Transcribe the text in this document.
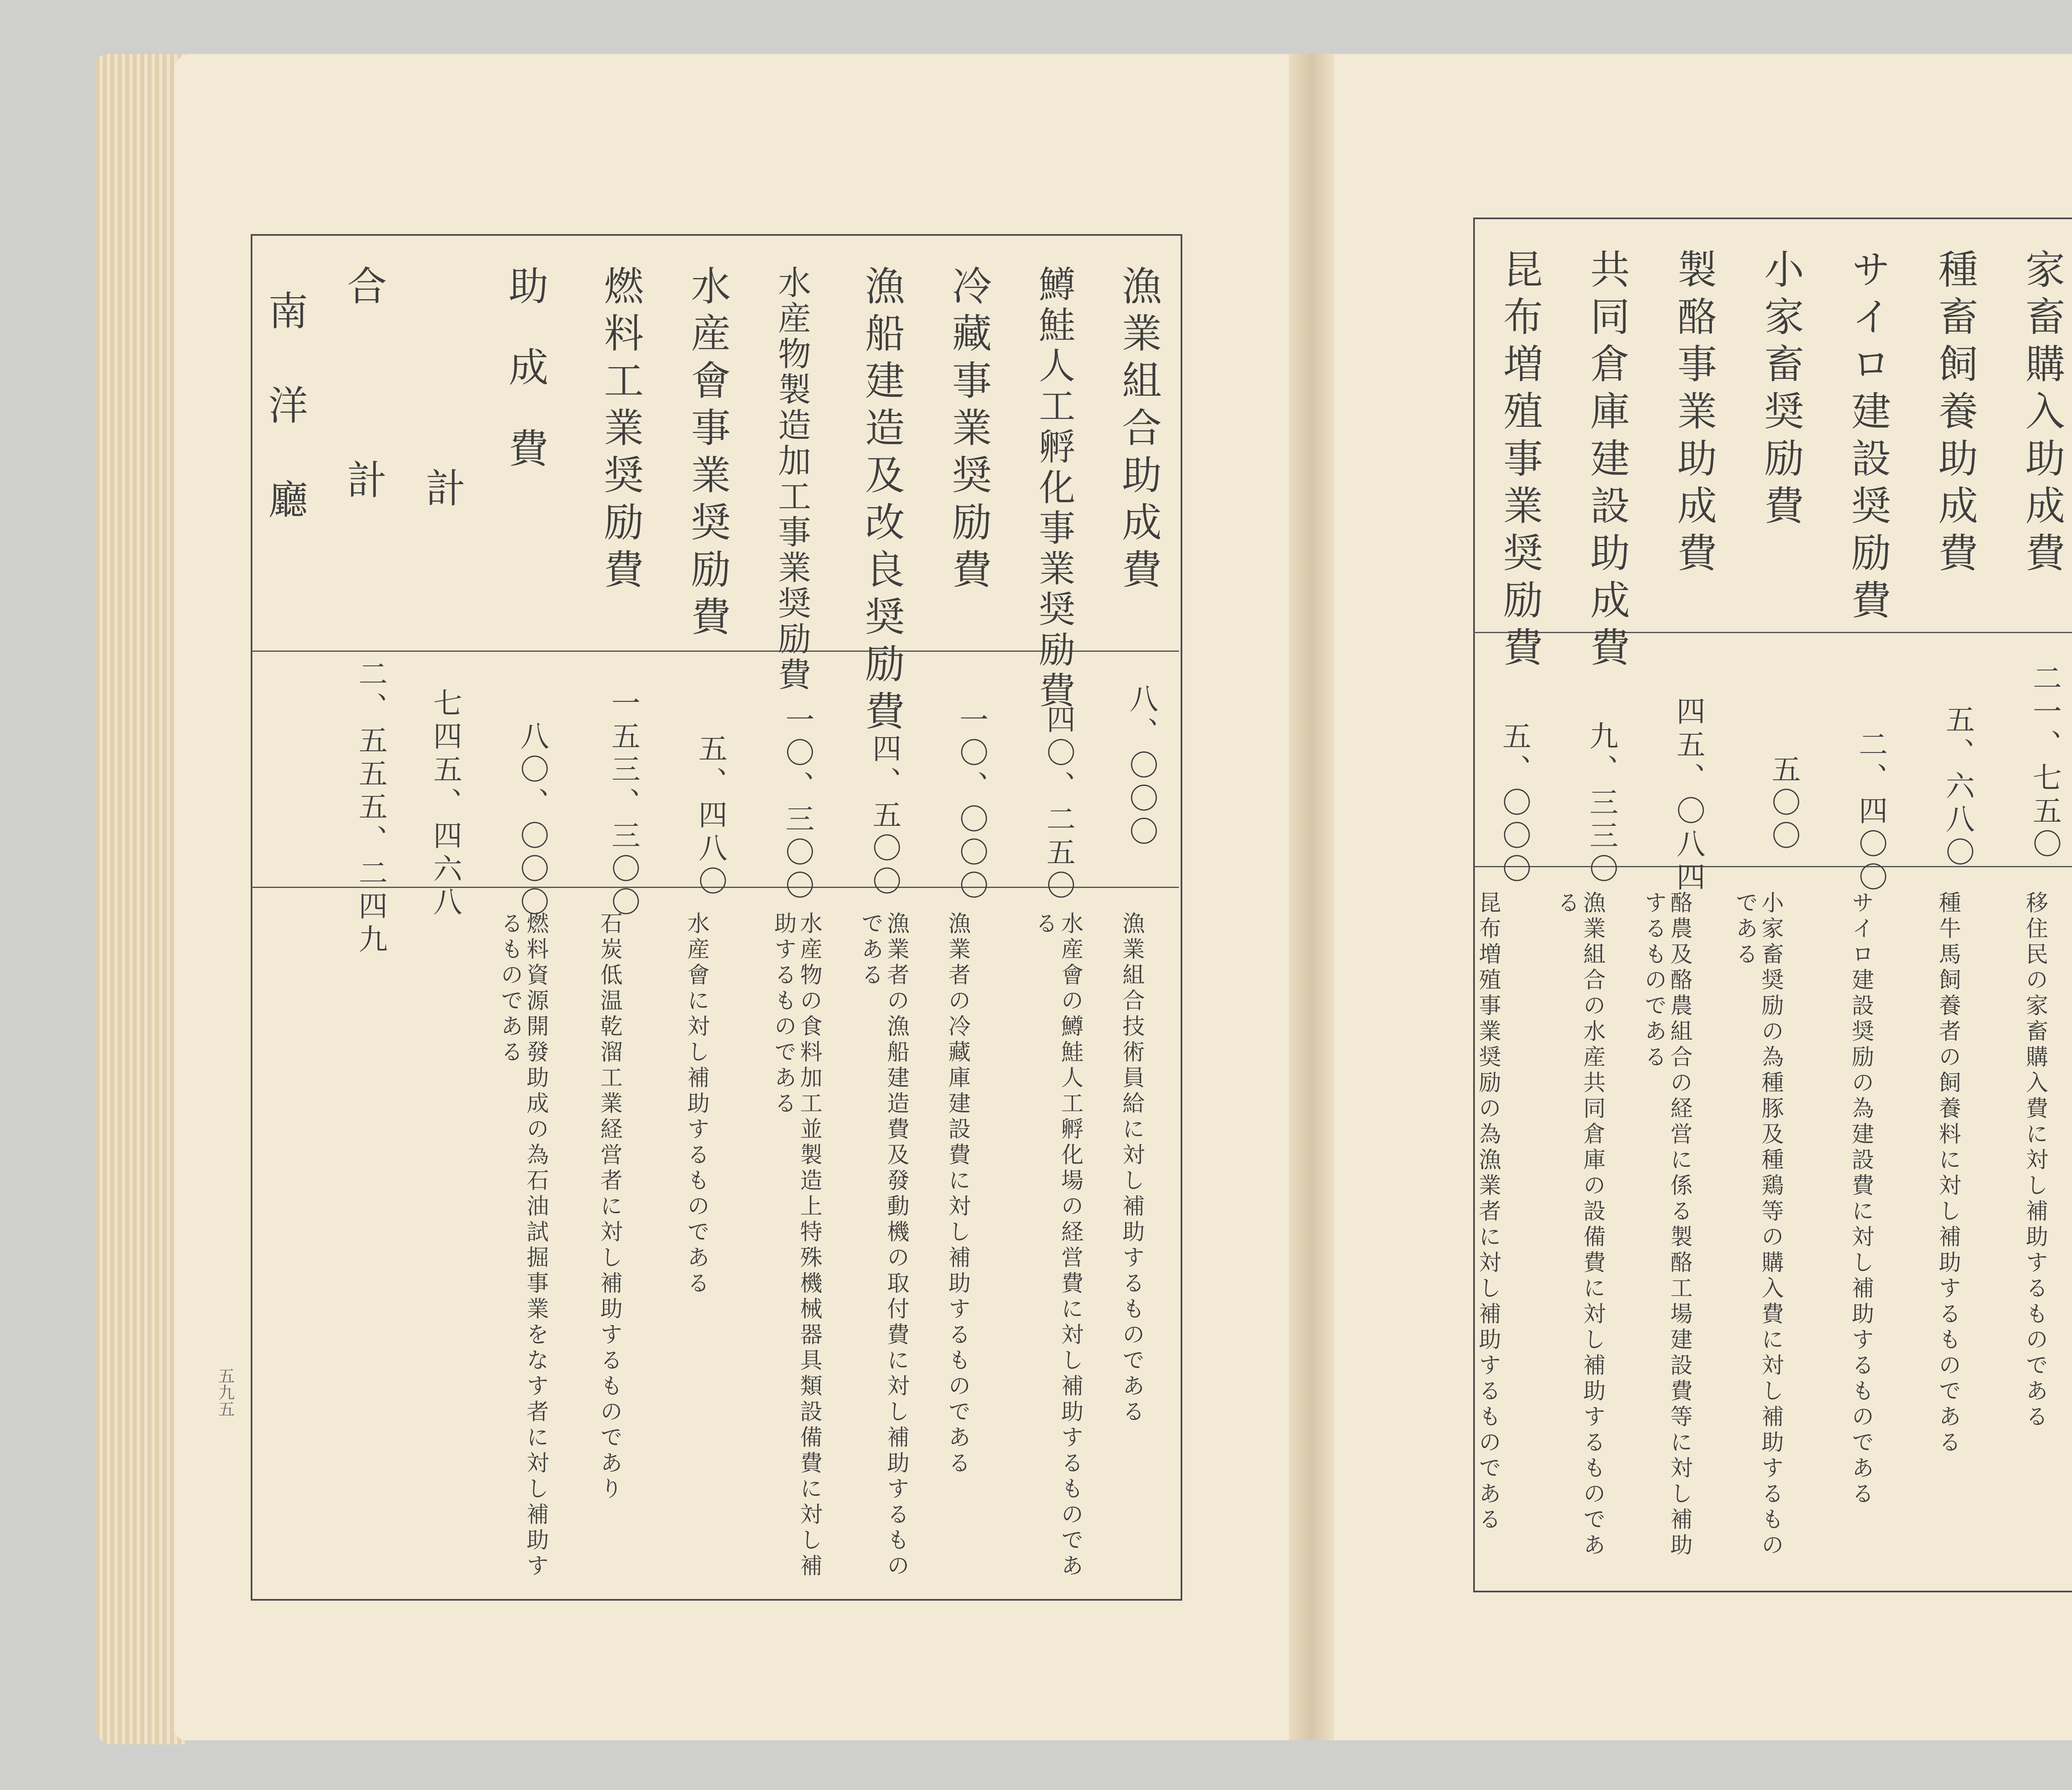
五九五
家畜購入助成費
種畜飼養助成費
サイロ建設奨励費
小家畜奨励費
製酪事業助成費
共同倉庫建設助成費
昆布増殖事業奨励費
二一、七五〇
五、六八〇
二、四〇〇
五〇〇
四五、〇八四
九、三三〇
五、〇〇〇
移住民の家畜購入費に対し補助するものである
種牛馬飼養者の飼養料に対し補助するものである
サイロ建設奨励の為建設費に対し補助するものである
小家畜奨励の為種豚及種鶏等の購入費に対し補助するものである
酪農及酪農組合の経営に係る製酪工場建設費等に対し補助するものである
漁業組合の水産共同倉庫の設備費に対し補助するものである
昆布増殖事業奨励の為漁業者に対し補助するものである
漁業組合助成費
鱒鮭人工孵化事業奨励費
冷藏事業奨励費
漁船建造及改良奨励費
水産物製造加工事業奨励費
水産會事業奨励費
燃料工業奨励費
助成費
　　計
合　　計
南　洋　廳
八、〇〇〇
四〇、二五〇
一〇、〇〇〇
四、五〇〇
一〇、三〇〇
五、四八〇
一五三、三〇〇
八〇、〇〇〇
七四五、四六八
二、五五五、二四九
漁業組合技術員給に対し補助するものである
水産會の鱒鮭人工孵化場の経営費に対し補助するものである
漁業者の冷藏庫建設費に対し補助するものである
漁業者の漁船建造費及發動機の取付費に対し補助するものである
水産物の食料加工並製造上特殊機械器具類設備費に対し補助するものである
水産會に対し補助するものである
石炭低温乾溜工業経営者に対し補助するものであり
燃料資源開發助成の為石油試掘事業をなす者に対し補助するものである
